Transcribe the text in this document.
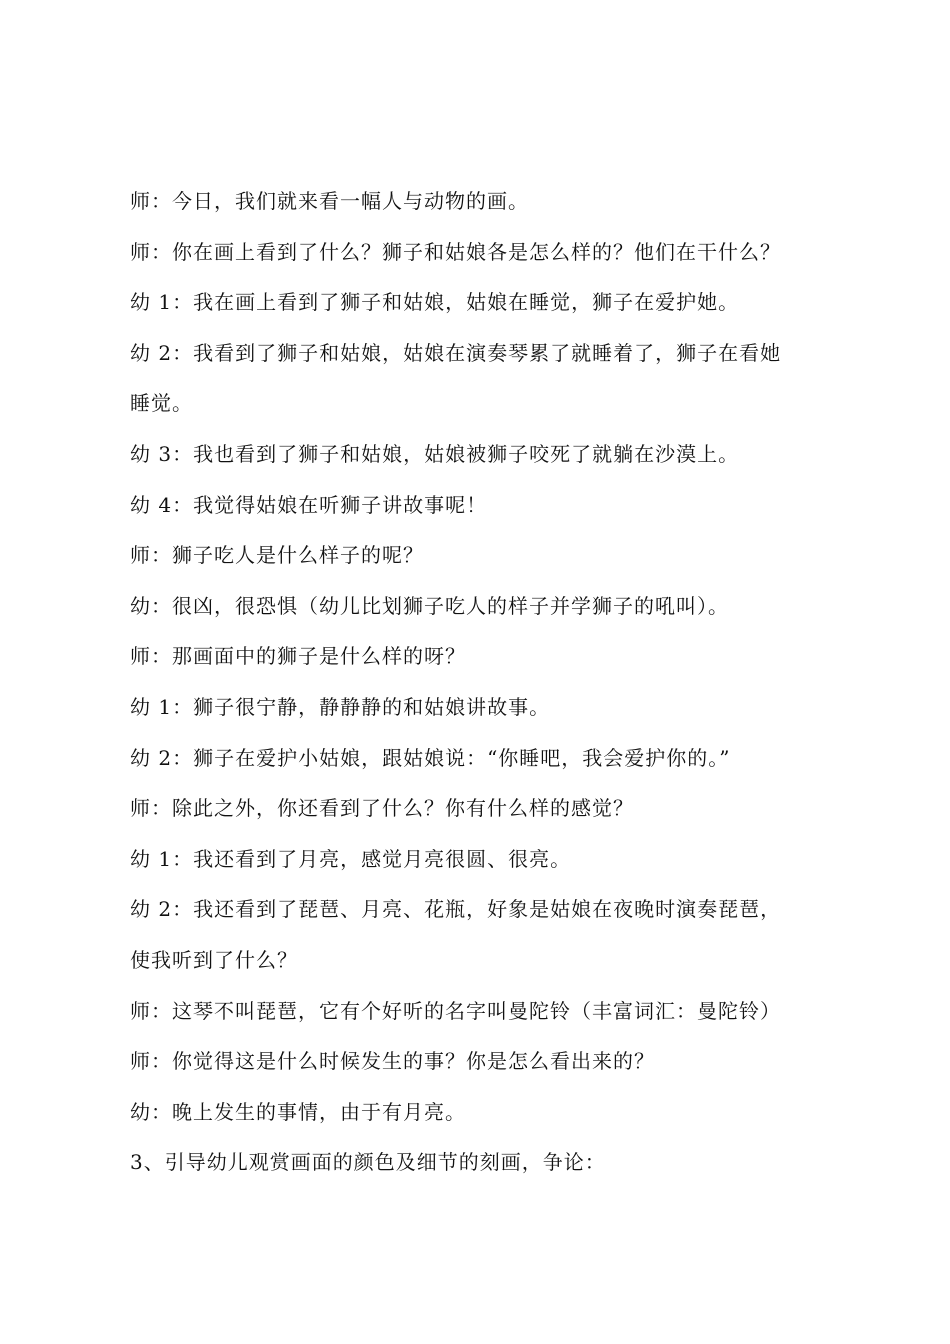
师：今日，我们就来看一幅人与动物的画。
师：你在画上看到了什么？狮子和姑娘各是怎么样的？他们在干什么？
幼 1：我在画上看到了狮子和姑娘，姑娘在睡觉，狮子在爱护她。
幼 2：我看到了狮子和姑娘，姑娘在演奏琴累了就睡着了，狮子在看她
睡觉。
幼 3：我也看到了狮子和姑娘，姑娘被狮子咬死了就躺在沙漠上。
幼 4：我觉得姑娘在听狮子讲故事呢！
师：狮子吃人是什么样子的呢？
幼：很凶，很恐惧（幼儿比划狮子吃人的样子并学狮子的吼叫）。
师：那画面中的狮子是什么样的呀？
幼 1：狮子很宁静，静静静的和姑娘讲故事。
幼 2：狮子在爱护小姑娘，跟姑娘说：“你睡吧，我会爱护你的。”
师：除此之外，你还看到了什么？你有什么样的感觉？
幼 1：我还看到了月亮，感觉月亮很圆、很亮。
幼 2：我还看到了琵琶、月亮、花瓶，好象是姑娘在夜晚时演奏琵琶，
使我听到了什么？
师：这琴不叫琵琶，它有个好听的名字叫曼陀铃（丰富词汇：曼陀铃）
师：你觉得这是什么时候发生的事？你是怎么看出来的？
幼：晚上发生的事情，由于有月亮。
3、引导幼儿观赏画面的颜色及细节的刻画，争论：
